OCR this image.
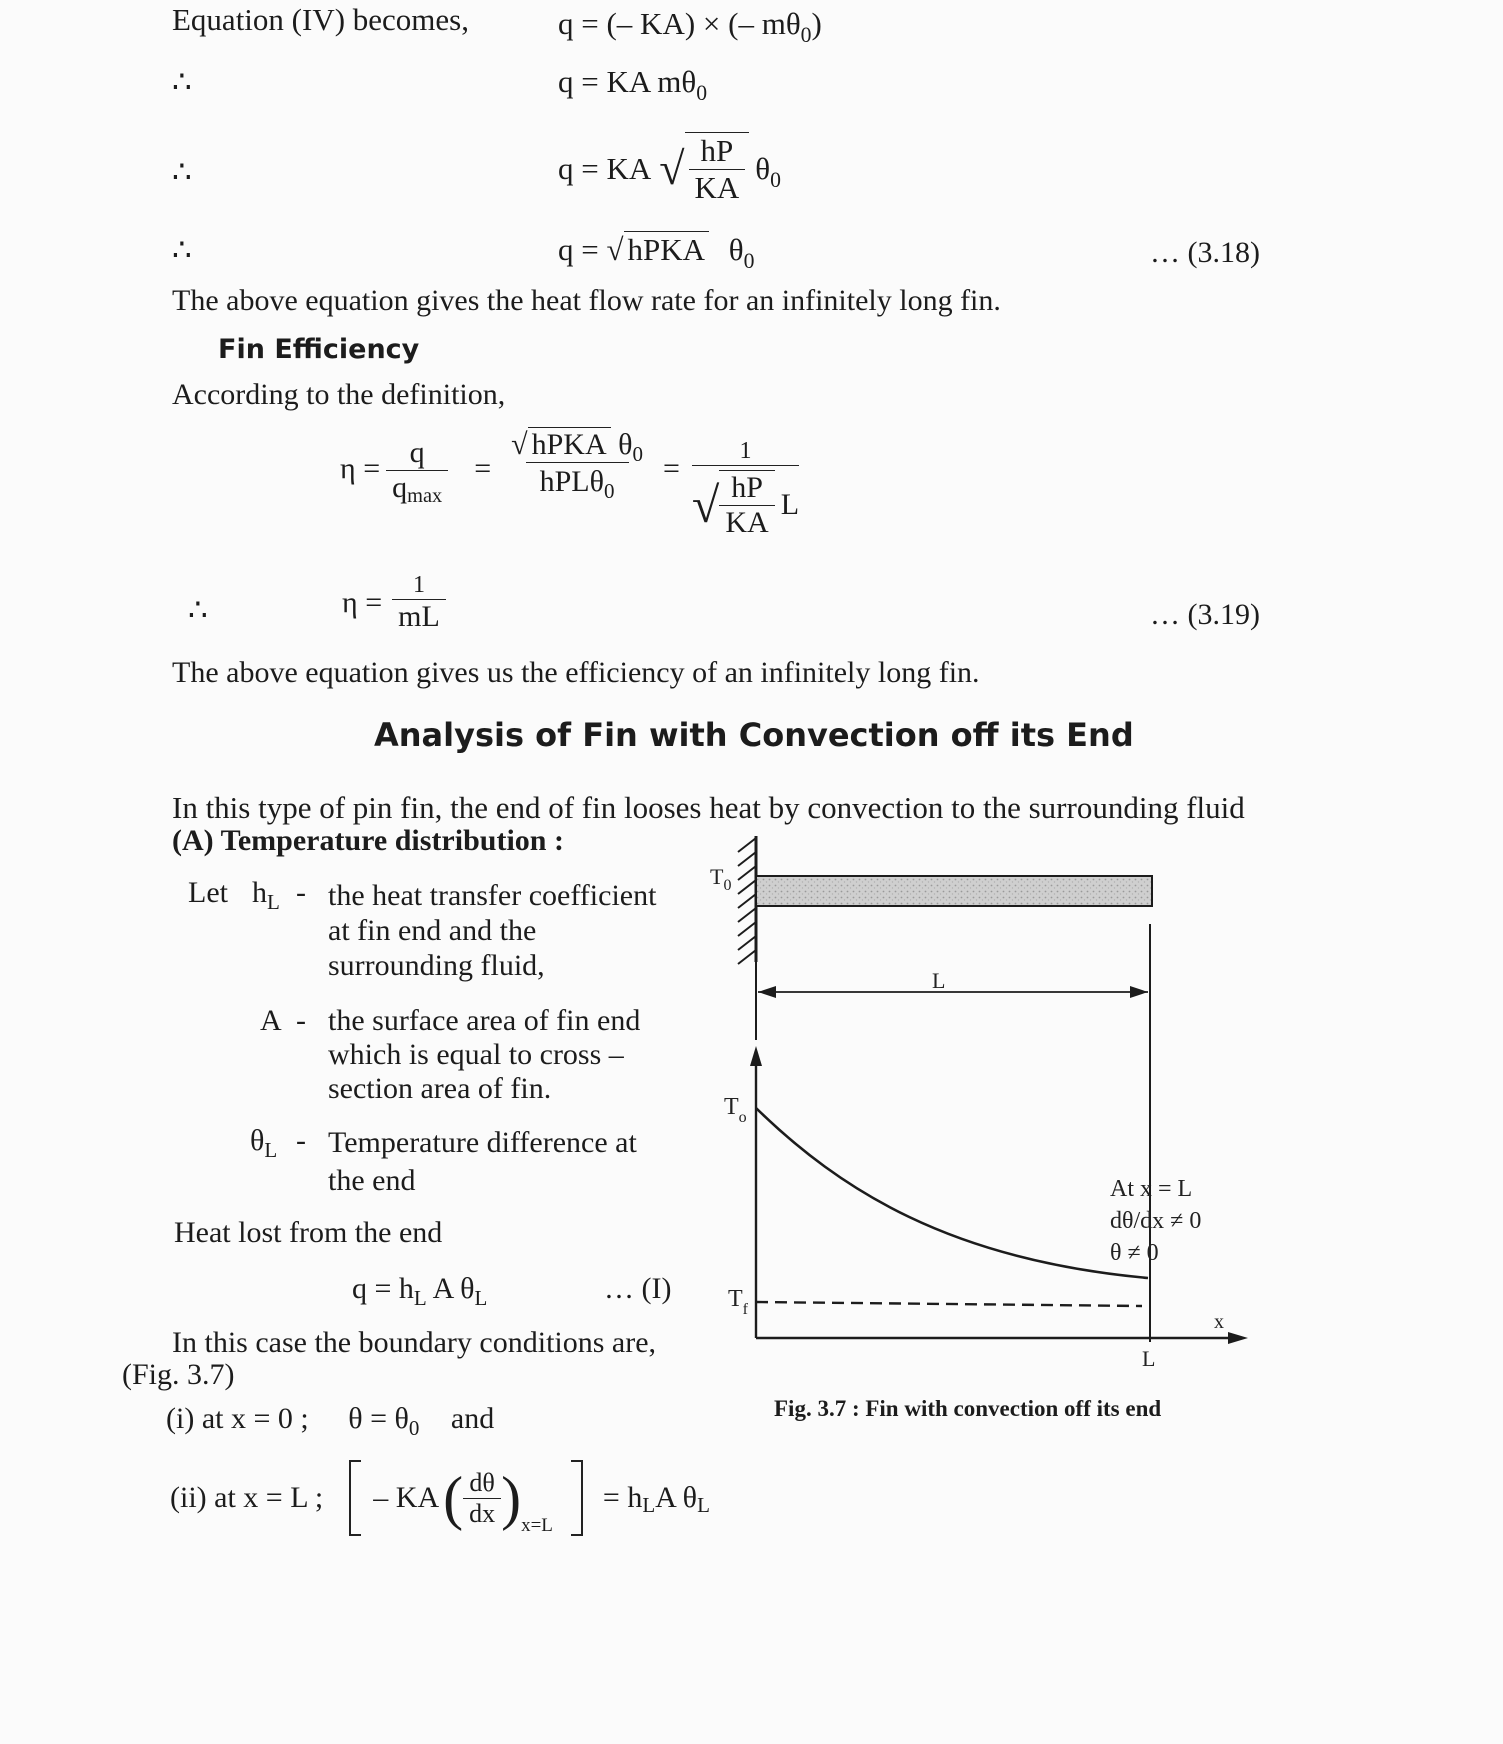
Equation (IV) becomes,	q = (– KA) × (– $m\theta_0$)
∴	q = KA $m\theta_0$
∴	q = KA √ $\frac{hP}{KA} \theta_0$
∴	q = √ hPKA $\theta_0$	… (3.18)
The above equation gives the heat flow rate for an infinitely long fin.
Fin Efficiency
According to the definition,
$\eta = \frac{q}{qmax} = \frac{√ hPKA \theta_0}{hPL\theta_0} = \frac{1}{√ \frac{hP}{KA} L}$
∴	$\eta = \frac{1}{mL}$	… (3.19)
The above equation gives us the efficiency of an infinitely long fin.
Analysis of Fin with Convection off its End
In this type of pin fin, the end of fin looses heat by convection to the surrounding fluid
(A) Temperature distribution :
Let $h_L$ - the heat transfer coefficient
at fin end and the
surrounding fluid,
A - the surface area of fin end
which is equal to cross –
section area of fin.
$\theta_L$ - Temperature difference at
the end
Heat lost from the end
$q = h_L$ A $\theta_L$	… (I)
In this case the boundary conditions are,
(Fig. 3.7)
(i) at x = 0 ; $\theta = \theta_0$ and
(ii) at x = L ; – KA ( $\frac{d\theta}{dx}$ ) x=L
= h L A θ L
$T_0$
L
$T_o$
$T_f$
x
L
At x = L
dθ/dx ≠ 0
θ ≠ 0
Fig. 3.7 : Fin with convection off its end
